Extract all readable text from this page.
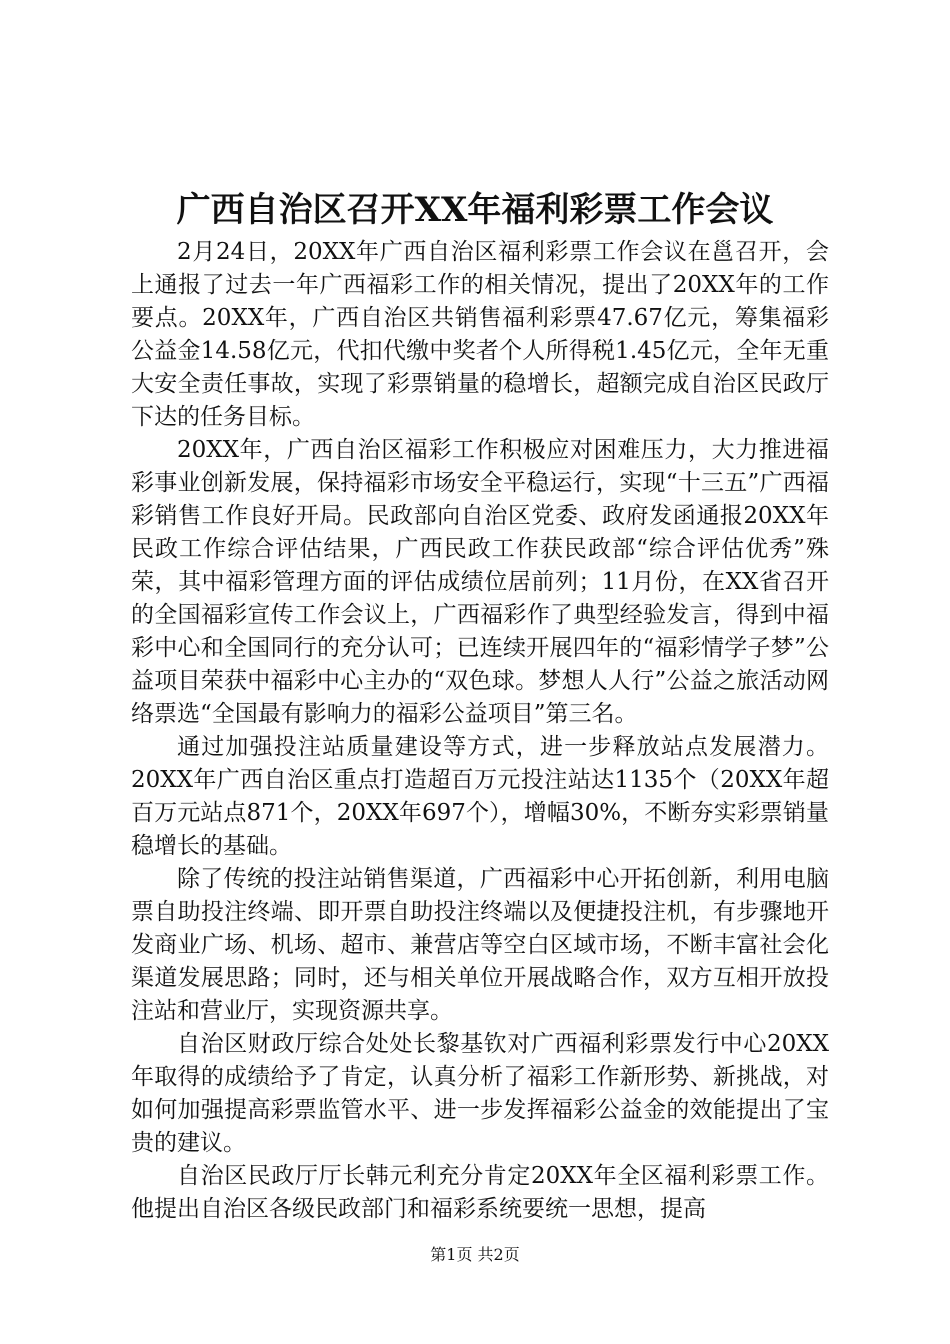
广西自治区召开XX年福利彩票工作会议

2月24日，20XX年广西自治区福利彩票工作会议在邕召开，会上通报了过去一年广西福彩工作的相关情况，提出了20XX年的工作要点。20XX年，广西自治区共销售福利彩票47.67亿元，筹集福彩公益金14.58亿元，代扣代缴中奖者个人所得税1.45亿元，全年无重大安全责任事故，实现了彩票销量的稳增长，超额完成自治区民政厅下达的任务目标。

20XX年，广西自治区福彩工作积极应对困难压力，大力推进福彩事业创新发展，保持福彩市场安全平稳运行，实现“十三五”广西福彩销售工作良好开局。民政部向自治区党委、政府发函通报20XX年民政工作综合评估结果，广西民政工作获民政部“综合评估优秀”殊荣，其中福彩管理方面的评估成绩位居前列；11月份，在XX省召开的全国福彩宣传工作会议上，广西福彩作了典型经验发言，得到中福彩中心和全国同行的充分认可；已连续开展四年的“福彩情学子梦”公益项目荣获中福彩中心主办的“双色球。梦想人人行”公益之旅活动网络票选“全国最有影响力的福彩公益项目”第三名。

通过加强投注站质量建设等方式，进一步释放站点发展潜力。20XX年广西自治区重点打造超百万元投注站达1135个（20XX年超百万元站点871个，20XX年697个），增幅30%，不断夯实彩票销量稳增长的基础。

除了传统的投注站销售渠道，广西福彩中心开拓创新，利用电脑票自助投注终端、即开票自助投注终端以及便捷投注机，有步骤地开发商业广场、机场、超市、兼营店等空白区域市场，不断丰富社会化渠道发展思路；同时，还与相关单位开展战略合作，双方互相开放投注站和营业厅，实现资源共享。

自治区财政厅综合处处长黎基钦对广西福利彩票发行中心20XX年取得的成绩给予了肯定，认真分析了福彩工作新形势、新挑战，对如何加强提高彩票监管水平、进一步发挥福彩公益金的效能提出了宝贵的建议。

自治区民政厅厅长韩元利充分肯定20XX年全区福利彩票工作。他提出自治区各级民政部门和福彩系统要统一思想，提高

第1页 共2页
